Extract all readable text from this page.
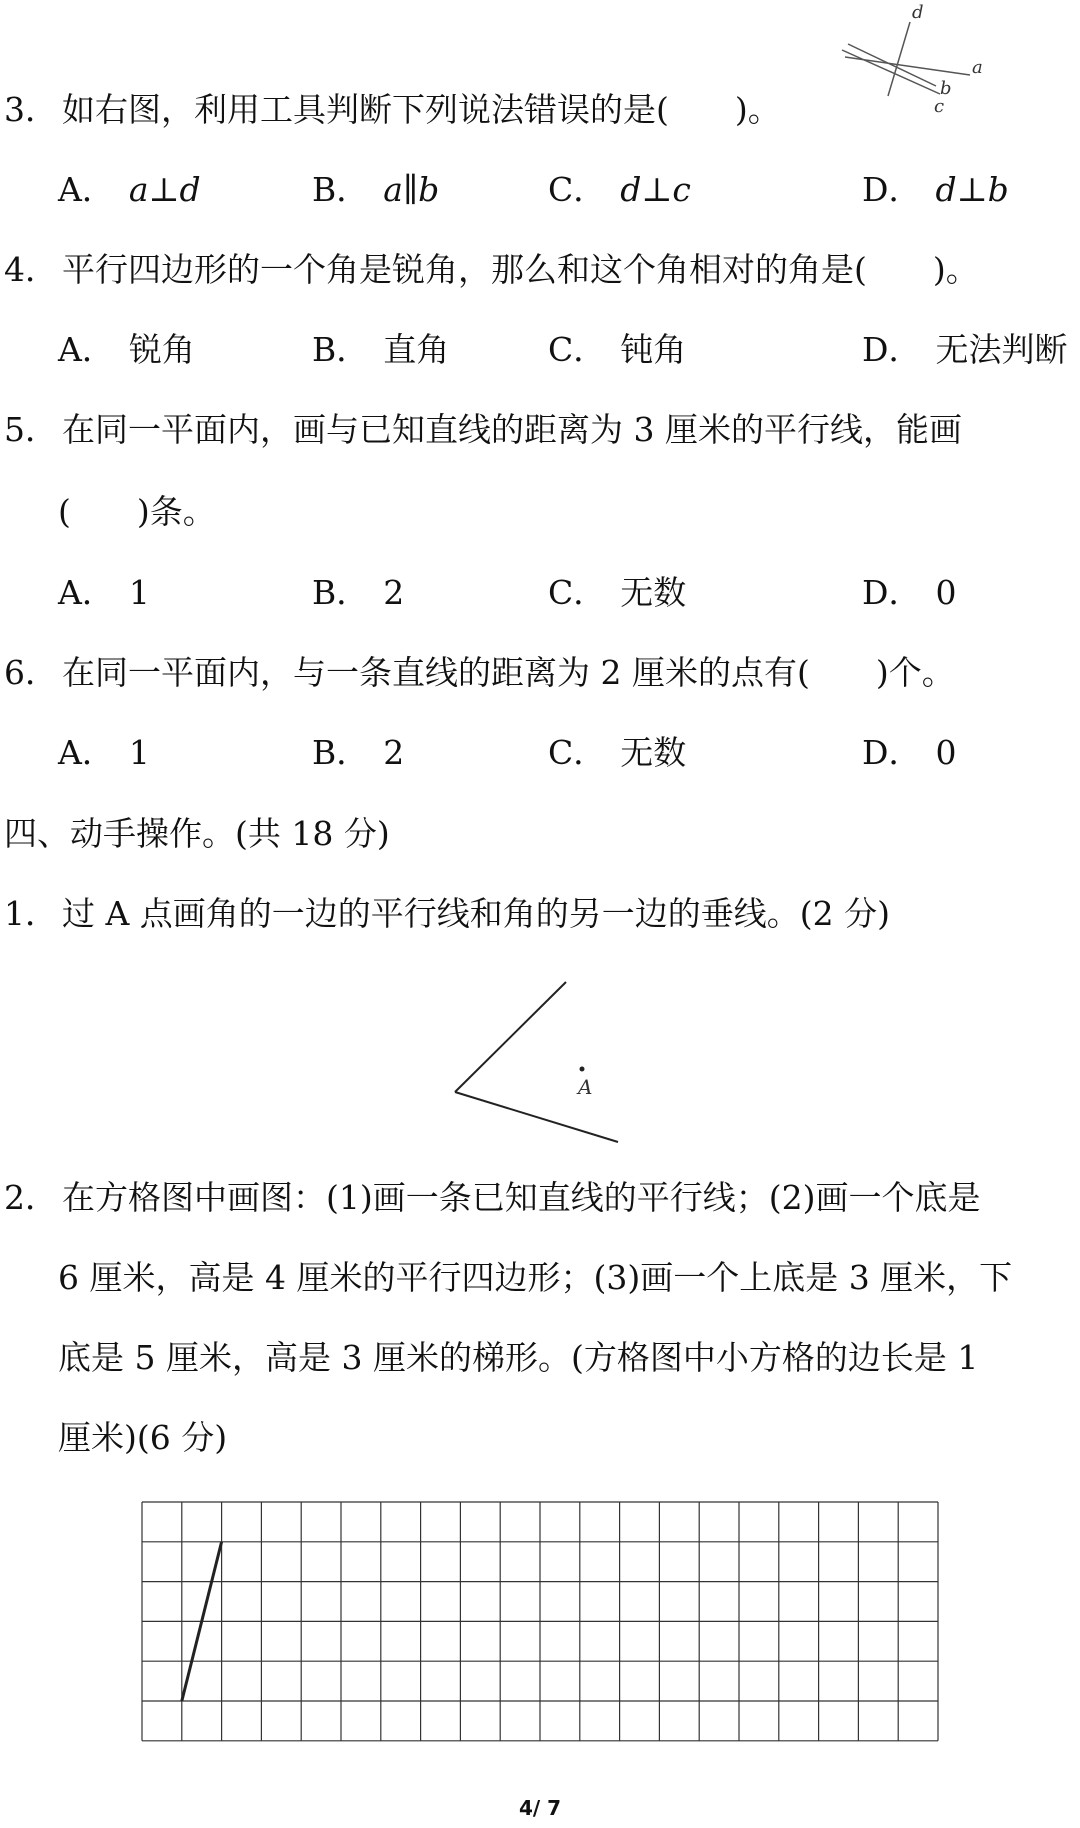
3． 如右图，利用工具判断下列说法错误的是(　　)。
d
a
b
c
A． a⊥d	B． a∥b	C． d⊥c	D． d⊥b
4． 平行四边形的一个角是锐角，那么和这个角相对的角是(　　)。
A． 锐角	B． 直角	C． 钝角	D． 无法判断
5． 在同一平面内，画与已知直线的距离为 3 厘米的平行线，能画
(　　)条。
A． 1	B． 2	C． 无数	D． 0
6． 在同一平面内，与一条直线的距离为 2 厘米的点有(　　)个。
A． 1	B． 2	C． 无数	D． 0
四、动手操作。(共 18 分)
1． 过 A 点画角的一边的平行线和角的另一边的垂线。(2 分)
A
2． 在方格图中画图：(1)画一条已知直线的平行线；(2)画一个底是
6 厘米，高是 4 厘米的平行四边形；(3)画一个上底是 3 厘米，下
底是 5 厘米，高是 3 厘米的梯形。(方格图中小方格的边长是 1
厘米)(6 分)
4/ 7
